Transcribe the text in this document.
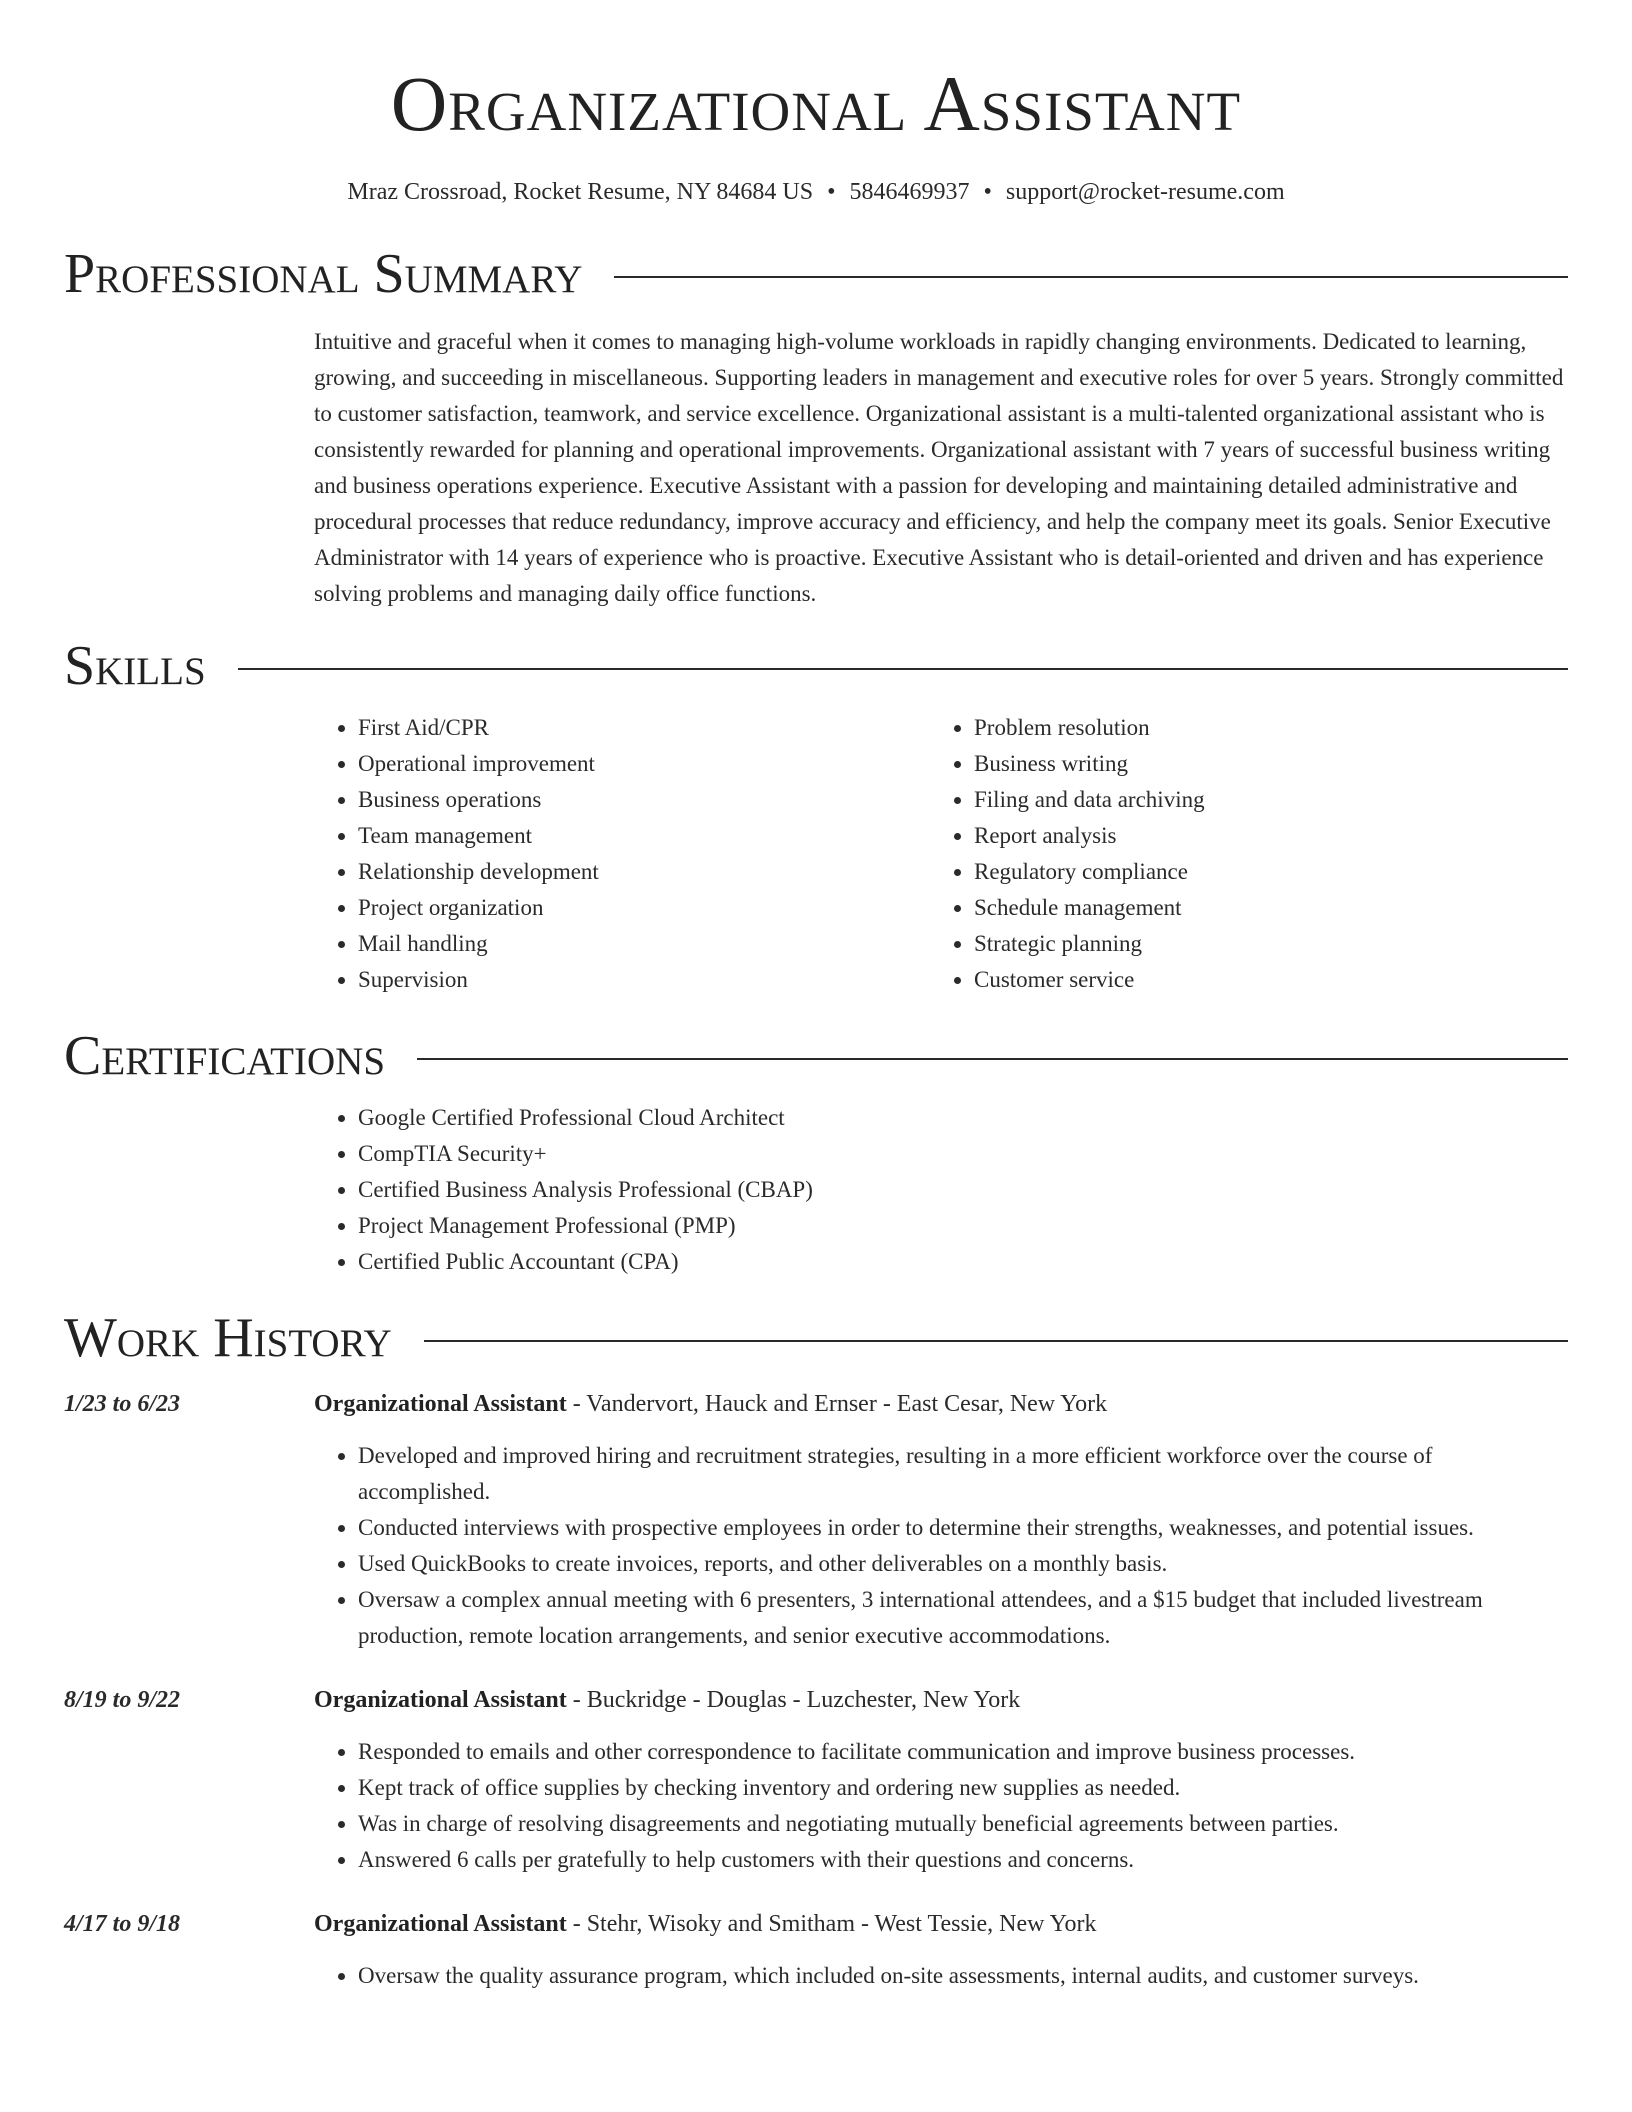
Organizational Assistant
Mraz Crossroad, Rocket Resume, NY 84684 US • 5846469937 • support@rocket-resume.com
Professional Summary

Intuitive and graceful when it comes to managing high-volume workloads in rapidly changing environments. Dedicated to learning, growing, and succeeding in miscellaneous. Supporting leaders in management and executive roles for over 5 years. Strongly committed to customer satisfaction, teamwork, and service excellence. Organizational assistant is a multi-talented organizational assistant who is consistently rewarded for planning and operational improvements. Organizational assistant with 7 years of successful business writing and business operations experience. Executive Assistant with a passion for developing and maintaining detailed administrative and procedural processes that reduce redundancy, improve accuracy and efficiency, and help the company meet its goals. Senior Executive Administrator with 14 years of experience who is proactive. Executive Assistant who is detail-oriented and driven and has experience solving problems and managing daily office functions.

Skills
• First Aid/CPR
• Operational improvement
• Business operations
• Team management
• Relationship development
• Project organization
• Mail handling
• Supervision
• Problem resolution
• Business writing
• Filing and data archiving
• Report analysis
• Regulatory compliance
• Schedule management
• Strategic planning
• Customer service
Certifications
• Google Certified Professional Cloud Architect
• CompTIA Security+
• Certified Business Analysis Professional (CBAP)
• Project Management Professional (PMP)
• Certified Public Accountant (CPA)
Work History
1/23 to 6/23	Organizational Assistant - Vandervort, Hauck and Ernser - East Cesar, New York
• Developed and improved hiring and recruitment strategies, resulting in a more efficient workforce over the course of accomplished.
• Conducted interviews with prospective employees in order to determine their strengths, weaknesses, and potential issues.
• Used QuickBooks to create invoices, reports, and other deliverables on a monthly basis.
• Oversaw a complex annual meeting with 6 presenters, 3 international attendees, and a $15 budget that included livestream production, remote location arrangements, and senior executive accommodations.
8/19 to 9/22	Organizational Assistant - Buckridge - Douglas - Luzchester, New York
• Responded to emails and other correspondence to facilitate communication and improve business processes.
• Kept track of office supplies by checking inventory and ordering new supplies as needed.
• Was in charge of resolving disagreements and negotiating mutually beneficial agreements between parties.
• Answered 6 calls per gratefully to help customers with their questions and concerns.
4/17 to 9/18	Organizational Assistant - Stehr, Wisoky and Smitham - West Tessie, New York
• Oversaw the quality assurance program, which included on-site assessments, internal audits, and customer surveys.
